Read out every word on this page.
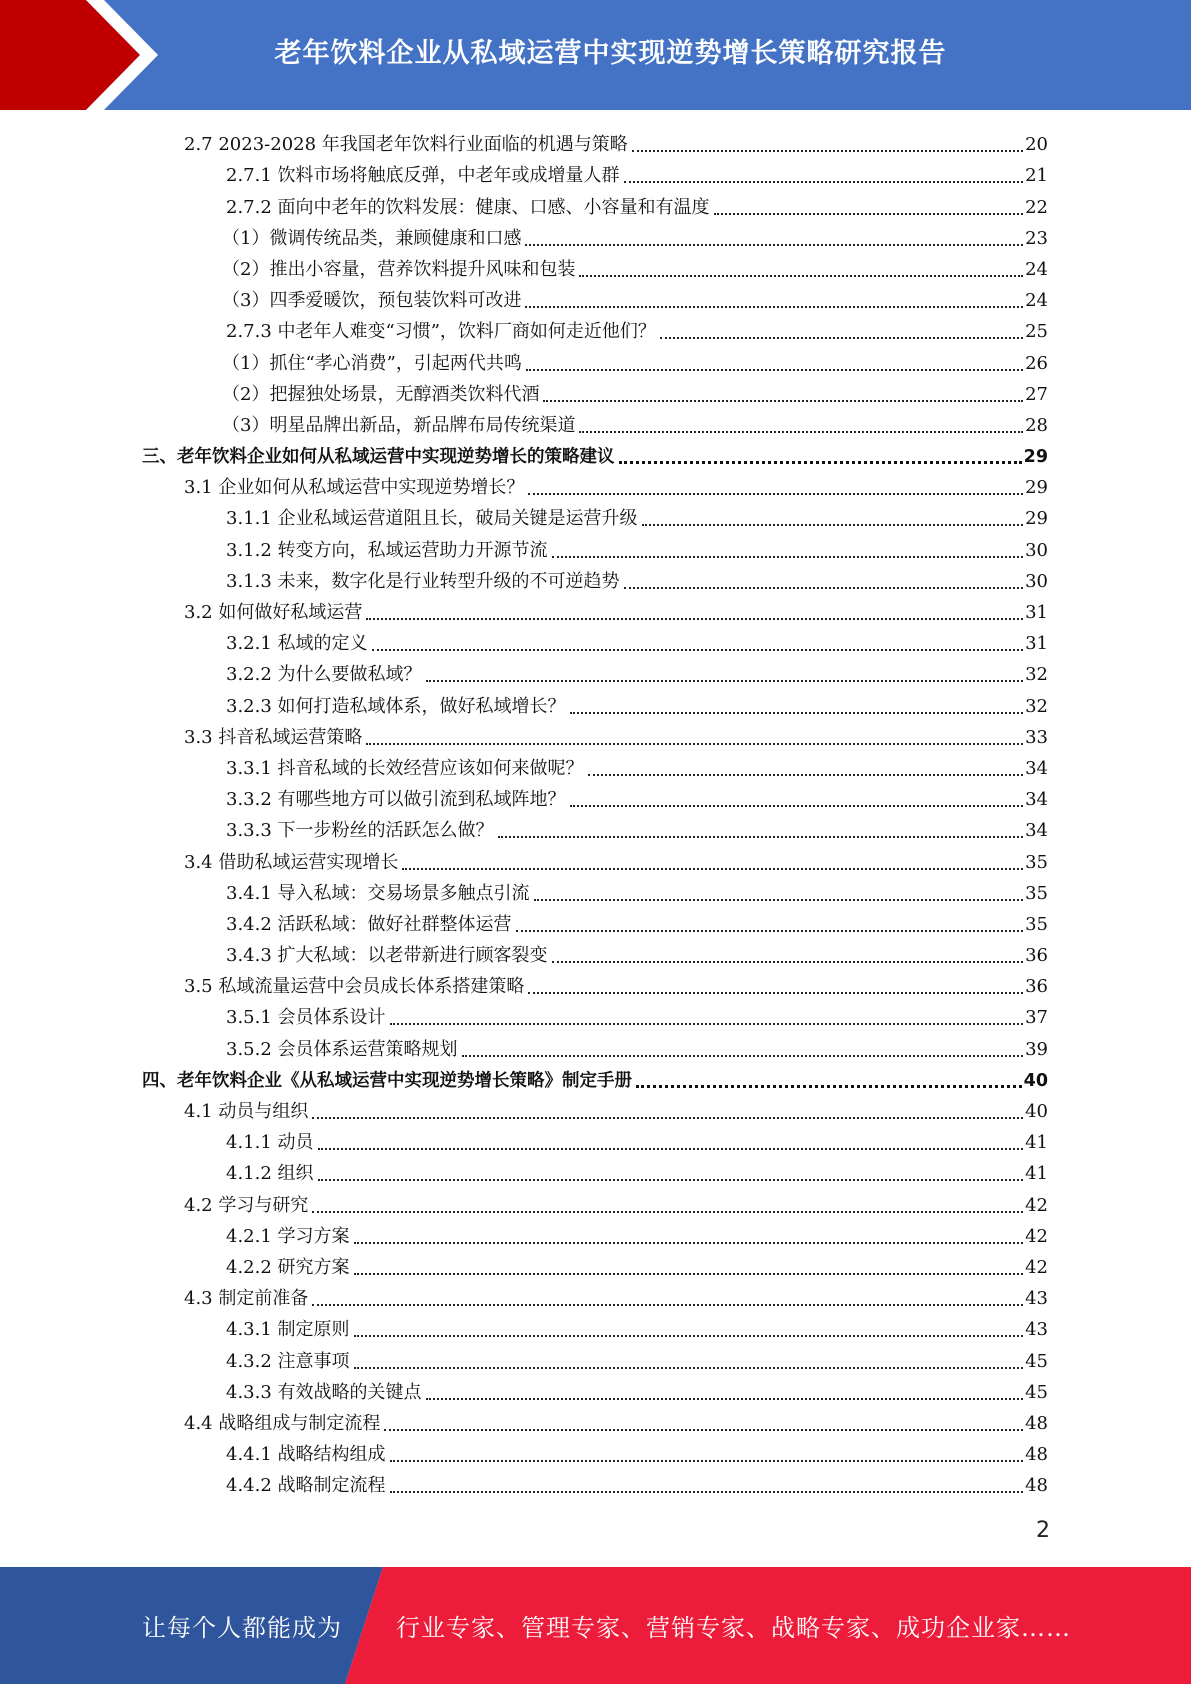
老年饮料企业从私域运营中实现逆势增长策略研究报告
2.7 2023-2028 年我国老年饮料行业面临的机遇与策略	20
2.7.1 饮料市场将触底反弹，中老年或成增量人群	21
2.7.2 面向中老年的饮料发展：健康、口感、小容量和有温度	22
（1）微调传统品类，兼顾健康和口感	23
（2）推出小容量，营养饮料提升风味和包装	24
（3）四季爱暖饮，预包装饮料可改进	24
2.7.3 中老年人难变“习惯”，饮料厂商如何走近他们？	25
（1）抓住“孝心消费”，引起两代共鸣	26
（2）把握独处场景，无醇酒类饮料代酒	27
（3）明星品牌出新品，新品牌布局传统渠道	28
三、老年饮料企业如何从私域运营中实现逆势增长的策略建议	29
3.1 企业如何从私域运营中实现逆势增长？	29
3.1.1 企业私域运营道阻且长，破局关键是运营升级	29
3.1.2 转变方向，私域运营助力开源节流	30
3.1.3 未来，数字化是行业转型升级的不可逆趋势	30
3.2 如何做好私域运营	31
3.2.1 私域的定义	31
3.2.2 为什么要做私域？	32
3.2.3 如何打造私域体系，做好私域增长？	32
3.3 抖音私域运营策略	33
3.3.1 抖音私域的长效经营应该如何来做呢？	34
3.3.2 有哪些地方可以做引流到私域阵地？	34
3.3.3 下一步粉丝的活跃怎么做？	34
3.4 借助私域运营实现增长	35
3.4.1 导入私域：交易场景多触点引流	35
3.4.2 活跃私域：做好社群整体运营	35
3.4.3 扩大私域：以老带新进行顾客裂变	36
3.5 私域流量运营中会员成长体系搭建策略	36
3.5.1 会员体系设计	37
3.5.2 会员体系运营策略规划	39
四、老年饮料企业《从私域运营中实现逆势增长策略》制定手册	40
4.1 动员与组织	40
4.1.1 动员	41
4.1.2 组织	41
4.2 学习与研究	42
4.2.1 学习方案	42
4.2.2 研究方案	42
4.3 制定前准备	43
4.3.1 制定原则	43
4.3.2 注意事项	45
4.3.3 有效战略的关键点	45
4.4 战略组成与制定流程	48
4.4.1 战略结构组成	48
4.4.2 战略制定流程	48
2
让每个人都能成为 行业专家、管理专家、营销专家、战略专家、成功企业家……
